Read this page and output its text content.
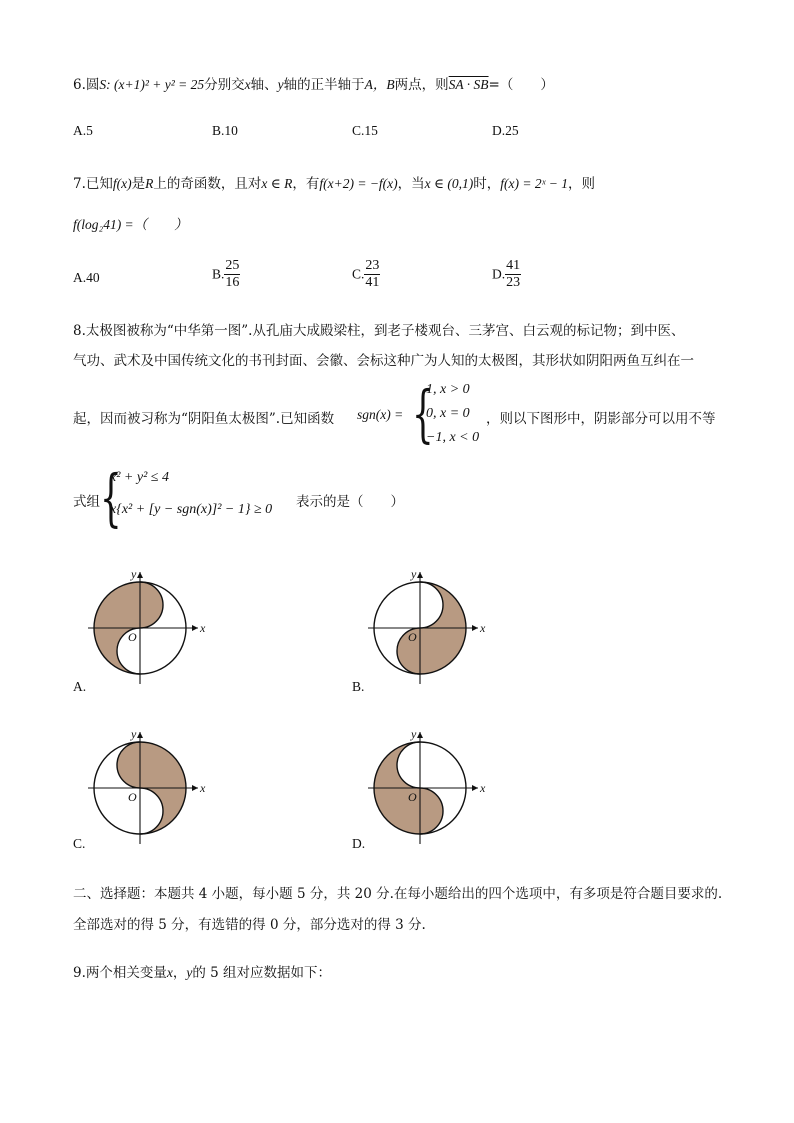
6.圆S: (x+1)² + y² = 25分别交x轴、y轴的正半轴于A，B两点，则SA · SB=（　　）
A.5	B.10	C.15	D.25
7.已知f(x)是R上的奇函数，且对x ∈ R，有f(x+2) = −f(x)，当x ∈ (0,1)时，f(x) = 2ˣ − 1，则
f(log₂41) =（　　）
A.40	B. $\frac{25}{16}$	C. $\frac{23}{41}$	D. $\frac{41}{23}$
8.太极图被称为“中华第一图”.从孔庙大成殿梁柱，到老子楼观台、三茅宫、白云观的标记物；到中医、
气功、武术及中国传统文化的书刊封面、会徽、会标这种广为人知的太极图，其形状如阴阳两鱼互纠在一
起，因而被习称为“阴阳鱼太极图”.已知函数 sgn(x) = {
1, x > 0
0, x = 0
−1, x < 0
，则以下图形中，阴影部分可以用不等
式组 {
x² + y² ≤ 4
x{x² + [y − sgn(x)]² − 1} ≥ 0 表示的是（　　）
x
y
O
A.
x
y
O
B.
x
y
O
C.
x
y
O
D.
二、选择题：本题共 4 小题，每小题 5 分，共 20 分.在每小题给出的四个选项中，有多项是符合题目要求的.
全部选对的得 5 分，有选错的得 0 分，部分选对的得 3 分.
9.两个相关变量x，y的 5 组对应数据如下：
